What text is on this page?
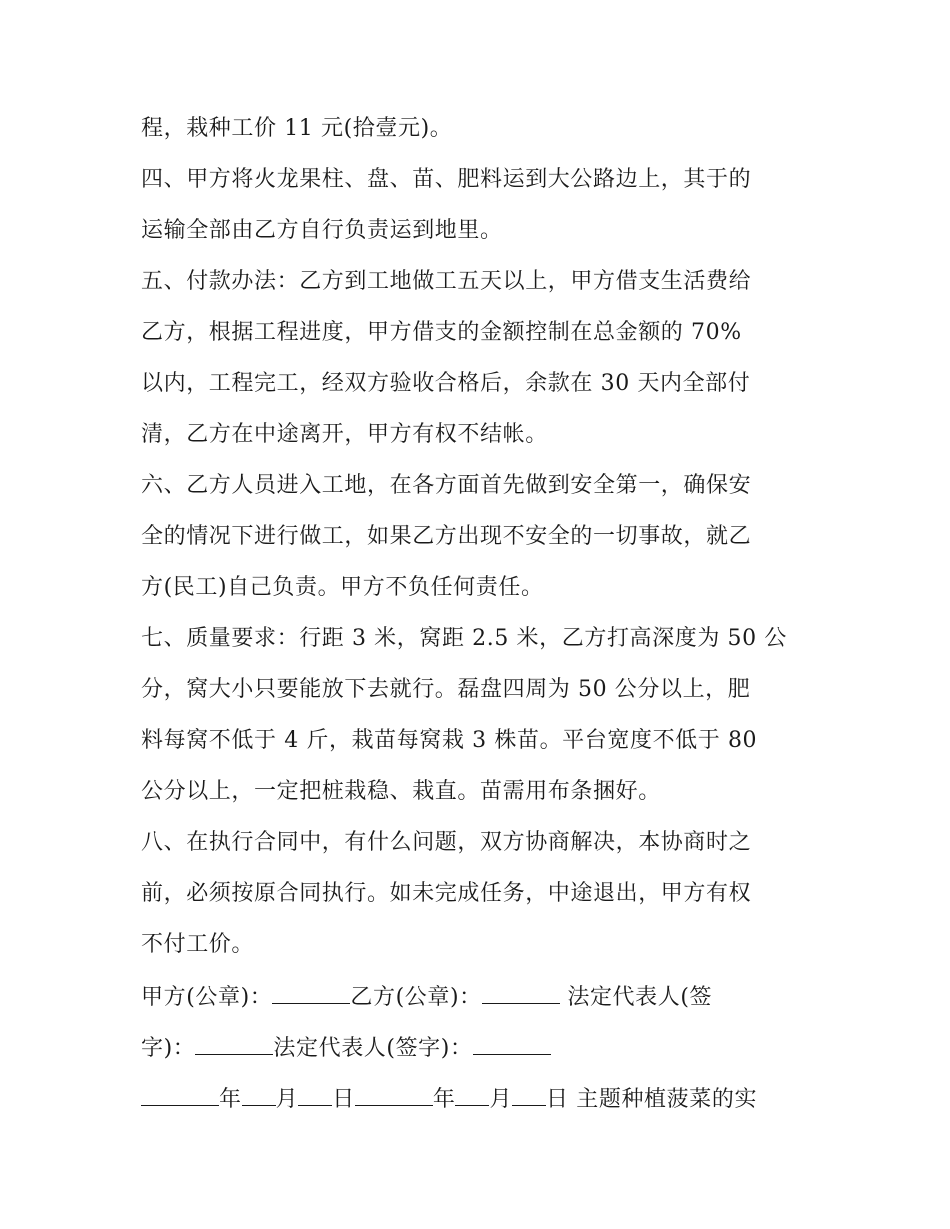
程，栽种工价 11 元(拾壹元)。
四、甲方将火龙果柱、盘、苗、肥料运到大公路边上，其于的
运输全部由乙方自行负责运到地里。
五、付款办法：乙方到工地做工五天以上，甲方借支生活费给
乙方，根据工程进度，甲方借支的金额控制在总金额的 70%
以内，工程完工，经双方验收合格后，余款在 30 天内全部付
清，乙方在中途离开，甲方有权不结帐。
六、乙方人员进入工地，在各方面首先做到安全第一，确保安
全的情况下进行做工，如果乙方出现不安全的一切事故，就乙
方(民工)自己负责。甲方不负任何责任。
七、质量要求：行距 3 米，窝距 2.5 米，乙方打高深度为 50 公
分，窝大小只要能放下去就行。磊盘四周为 50 公分以上，肥
料每窝不低于 4 斤，栽苗每窝栽 3 株苗。平台宽度不低于 80
公分以上，一定把桩栽稳、栽直。苗需用布条捆好。
八、在执行合同中，有什么问题，双方协商解决，本协商时之
前，必须按原合同执行。如未完成任务，中途退出，甲方有权
不付工价。
甲方(公章)：	乙方(公章)：	法定代表人(签
字)：	法定代表人(签字)：
年 月 日	年 月 日 主题种植菠菜的实
